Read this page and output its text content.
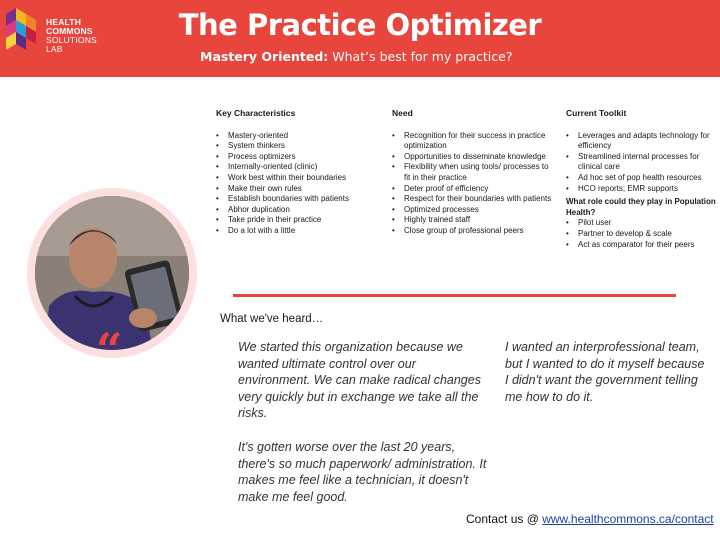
HEALTH
COMMONS
SOLUTIONS
LAB
The Practice Optimizer
Mastery Oriented: What’s best for my practice?
“
Key Characteristics
• Mastery-oriented
• System thinkers
• Process optimizers
• Internally-oriented (clinic)
• Work best within their boundaries
• Make their own rules
• Establish boundaries with patients
• Abhor duplication
• Take pride in their practice
• Do a lot with a little
Need
• Recognition for their success in practice optimization
• Opportunities to disseminate knowledge
• Flexibility when using tools/ processes to fit in their practice
• Deter proof of efficiency
• Respect for their boundaries with patients
• Optimized processes
• Highly trained staff
• Close group of professional peers
Current Toolkit
• Leverages and adapts technology for efficiency
• Streamlined internal processes for clinical care
• Ad hoc set of pop health resources
• HCO reports; EMR supports
What role could they play in Population Health?
• Pilot user
• Partner to develop & scale
• Act as comparator for their peers
What we've heard…
We started this organization because we wanted ultimate control over our environment. We can make radical changes very quickly but in exchange we take all the risks.
I wanted an interprofessional team, but I wanted to do it myself because I didn't want the government telling me how to do it.
It's gotten worse over the last 20 years, there's so much paperwork/ administration. It makes me feel like a technician, it doesn't make me feel good.
Contact us @ www.healthcommons.ca/contact
